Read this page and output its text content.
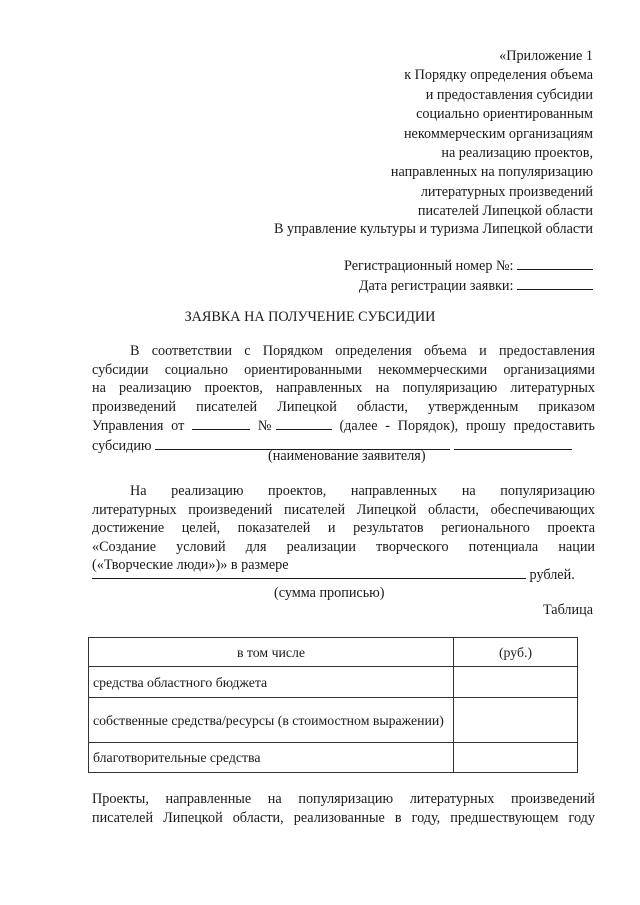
«Приложение 1
к Порядку определения объема
и предоставления субсидии
социально ориентированным
некоммерческим организациям
на реализацию проектов,
направленных на популяризацию
литературных произведений
писателей Липецкой области
В управление культуры и туризма Липецкой области
Регистрационный номер №:
Дата регистрации заявки:
ЗАЯВКА НА ПОЛУЧЕНИЕ СУБСИДИИ
В соответствии с Порядком определения объема и предоставления
субсидии социально ориентированными некоммерческими организациями
на реализацию проектов, направленных на популяризацию литературных
произведений писателей Липецкой области, утвержденным приказом
Управления от	№	(далее - Порядок), прошу предоставить
субсидию
(наименование заявителя)
На реализацию проектов, направленных на популяризацию
литературных произведений писателей Липецкой области, обеспечивающих
достижение целей, показателей и результатов регионального проекта
«Создание условий для реализации творческого потенциала нации
(«Творческие люди»)» в размере
рублей.
(сумма прописью)
Таблица
в том числе	(руб.)
средства областного бюджета	
собственные средства/ресурсы (в стоимостном выражении)	
благотворительные средства	
Проекты, направленные на популяризацию литературных произведений
писателей Липецкой области, реализованные в году, предшествующем году
